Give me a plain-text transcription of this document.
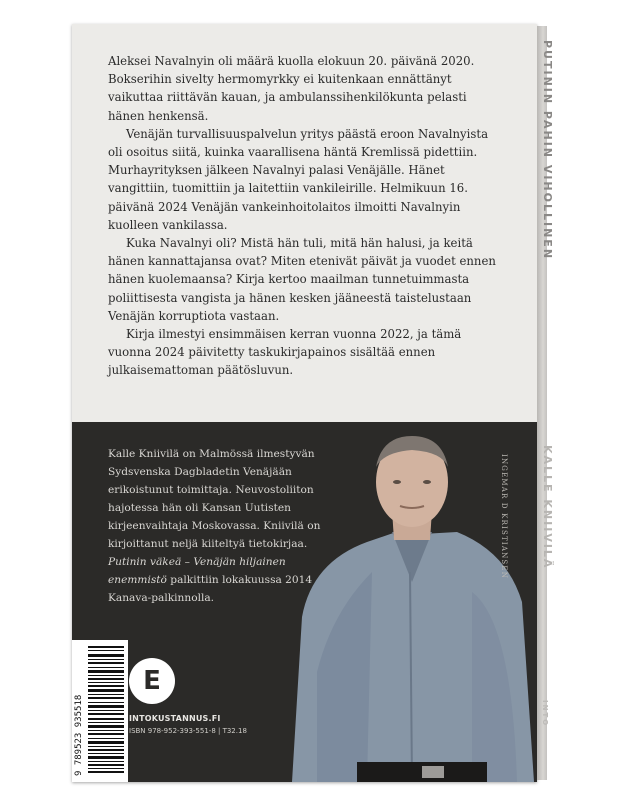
Aleksei Navalnyin oli määrä kuolla elokuun 20. päivänä 2020. Bokserihin sivelty hermomyrkky ei kuitenkaan ennättänyt vaikuttaa riittävän kauan, ja ambulanssihenkilökunta pelasti hänen henkensä.

Venäjän turvallisuuspalvelun yritys päästä eroon Navalnyista oli osoitus siitä, kuinka vaarallisena häntä Kremlissä pidettiin. Murhayrityksen jälkeen Navalnyi palasi Venäjälle. Hänet vangittiin, tuomittiin ja laitettiin vankileirille. Helmikuun 16. päivänä 2024 Venäjän vankeinhoitolaitos ilmoitti Navalnyin kuolleen vankilassa.

Kuka Navalnyi oli? Mistä hän tuli, mitä hän halusi, ja keitä hänen kannattajansa ovat? Miten etenivät päivät ja vuodet ennen hänen kuolemaansa? Kirja kertoo maailman tunnetuimmasta poliittisesta vangista ja hänen kesken jääneestä taistelustaan Venäjän korruptiota vastaan.

Kirja ilmestyi ensimmäisen kerran vuonna 2022, ja tämä vuonna 2024 päivitetty taskukirjapainos sisältää ennen julkaisemattoman päätösluvun.

Kalle Kniivilä on Malmössä ilmestyvän Sydsvenska Dagbladetin Venäjään erikoistunut toimittaja. Neuvostoliiton hajotessa hän oli Kansan Uutisten kirjeenvaihtaja Moskovassa. Kniivilä on kirjoittanut neljä kiiteltyä tietokirjaa. Putinin väkeä – Venäjän hiljainen enemmistö palkittiin lokakuussa 2014 Kanava-palkinnolla.
INGEMAR D KRISTIANSEN
PUTININ PAHIN VIHOLLINEN
KALLE KNIIVILÄ
INTO
9 789523 935518
E
INTOKUSTANNUS.FI
ISBN 978-952-393-551-8 | T32.18
